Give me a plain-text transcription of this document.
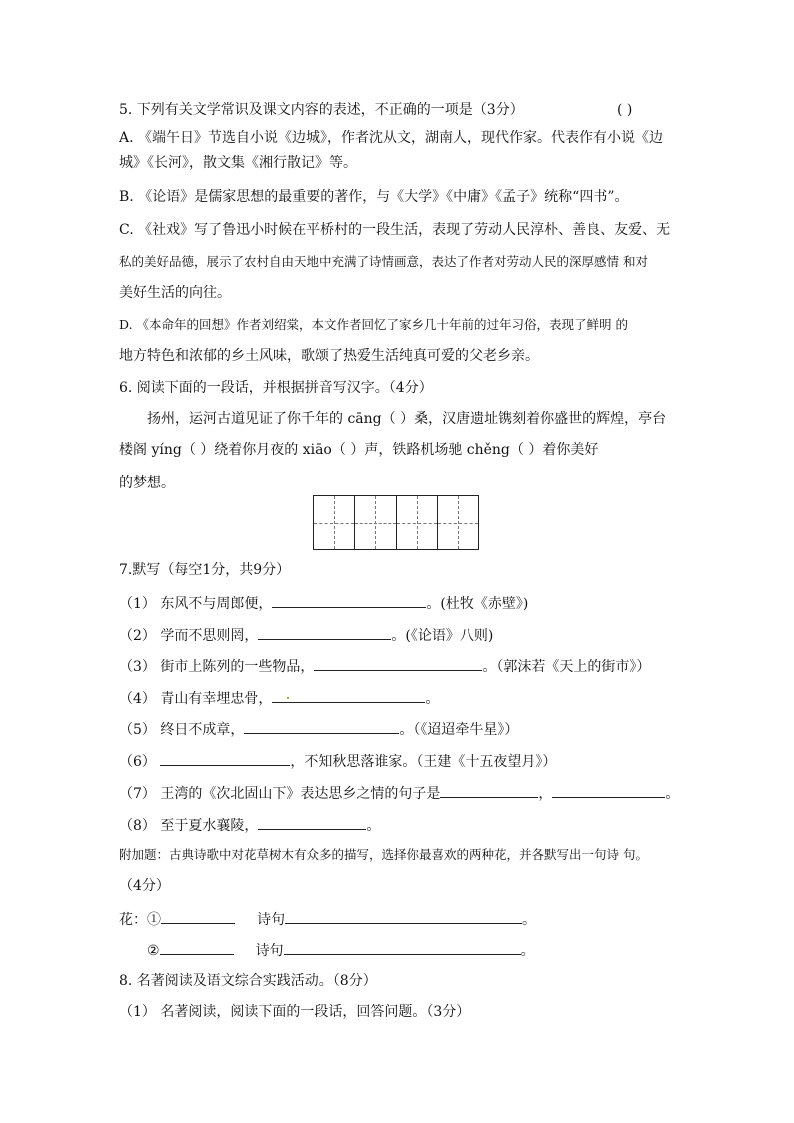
5. 下列有关文学常识及课文内容的表述，不正确的一项是（3分）	( )
A. 《端午日》节选自小说《边城》，作者沈从文，湖南人，现代作家。代表作有小说《边
城》《长河》，散文集《湘行散记》等。
B. 《论语》是儒家思想的最重要的著作，与《大学》《中庸》《孟子》统称“四书”。
C. 《社戏》写了鲁迅小时候在平桥村的一段生活，表现了劳动人民淳朴、善良、友爱、无
私的美好品德，展示了农村自由天地中充满了诗情画意，表达了作者对劳动人民的深厚感情 和对
美好生活的向往。
D. 《本命年的回想》作者刘绍棠，本文作者回忆了家乡几十年前的过年习俗，表现了鲜明 的
地方特色和浓郁的乡土风味，歌颂了热爱生活纯真可爱的父老乡亲。
6. 阅读下面的一段话，并根据拼音写汉字。（4分）
扬州，运河古道见证了你千年的 cāng（ ）桑，汉唐遗址镌刻着你盛世的辉煌，亭台
楼阁 yíng（ ）绕着你月夜的 xiāo（ ）声，铁路机场驰 chěng（ ）着你美好
的梦想。
7.默写（每空1分，共9分）
（1） 东风不与周郎便，	。(杜牧《赤壁》)
（2） 学而不思则罔，	。(《论语》八则)
（3） 街市上陈列的一些物品，	。（郭沫若《天上的街市》）
（4） 青山有幸埋忠骨，	。
（5） 终日不成章，	。（《迢迢牵牛星》）
（6）	，不知秋思落谁家。（王建《十五夜望月》）
（7） 王湾的《次北固山下》表达思乡之情的句子是	，	。
（8） 至于夏水襄陵，	。
附加题：古典诗歌中对花草树木有众多的描写，选择你最喜欢的两种花，并各默写出一句诗 句。
（4分）
花：①	诗句	。
②	诗句	。
8. 名著阅读及语文综合实践活动。（8分）
（1） 名著阅读，阅读下面的一段话，回答问题。（3分）
